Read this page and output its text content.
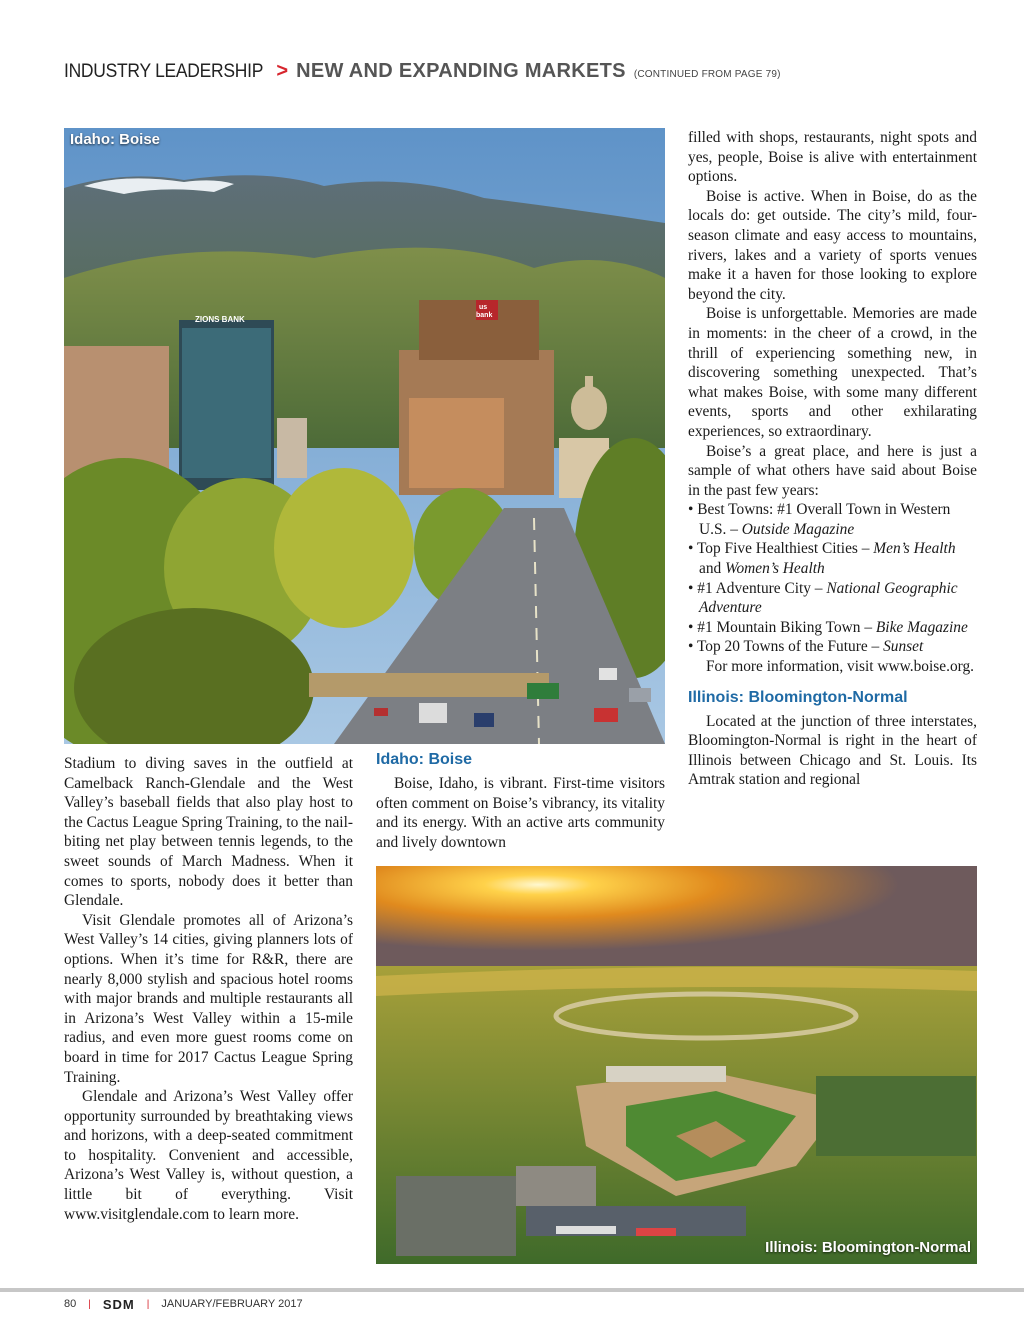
INDUSTRY LEADERSHIP > NEW AND EXPANDING MARKETS (CONTINUED FROM PAGE 79)
ZIONS BANK
us
bank
Idaho: Boise	filled with shops, restaurants, night spots and yes, people, Boise is alive with entertainment options.

Boise is active. When in Boise, do as the locals do: get outside. The city’s mild, four-season climate and easy access to mountains, rivers, lakes and a variety of sports venues make it a haven for those looking to explore beyond the city.

Boise is unforgettable. Memories are made in moments: in the cheer of a crowd, in the thrill of experiencing something new, in discovering something unexpected. That’s what makes Boise, with some many different events, sports and other exhilarating experiences, so extraordinary.

Boise’s a great place, and here is just a sample of what others have said about Boise in the past few years:

• Best Towns: #1 Overall Town in Western U.S. – Outside Magazine
• Top Five Healthiest Cities – Men’s Health and Women’s Health
• #1 Adventure City – National Geographic Adventure
• #1 Mountain Biking Town – Bike Magazine
• Top 20 Towns of the Future – Sunset

For more information, visit www.boise.org.

Illinois: Bloomington-Normal

Located at the junction of three interstates, Bloomington-Normal is right in the heart of Illinois between Chicago and St. Louis. Its Amtrak station and regional

Idaho: Boise

Boise, Idaho, is vibrant. First-time visitors often comment on Boise’s vibrancy, its vitality and its energy. With an active arts community and lively downtown

Stadium to diving saves in the outfield at Camelback Ranch-Glendale and the West Valley’s baseball fields that also play host to the Cactus League Spring Training, to the nail-biting net play between tennis legends, to the sweet sounds of March Madness. When it comes to sports, nobody does it better than Glendale.

Visit Glendale promotes all of Arizona’s West Valley’s 14 cities, giving planners lots of options. When it’s time for R&R, there are nearly 8,000 stylish and spacious hotel rooms with major brands and multiple restaurants all in Arizona’s West Valley within a 15-mile radius, and even more guest rooms come on board in time for 2017 Cactus League Spring Training.

Glendale and Arizona’s West Valley offer opportunity surrounded by breathtaking views and horizons, with a deep-seated commitment to hospitality. Convenient and accessible, Arizona’s West Valley is, without question, a little bit of everything. Visit www.visitglendale.com to learn more.

Illinois: Bloomington-Normal
80 | SDM | JANUARY/FEBRUARY 2017
